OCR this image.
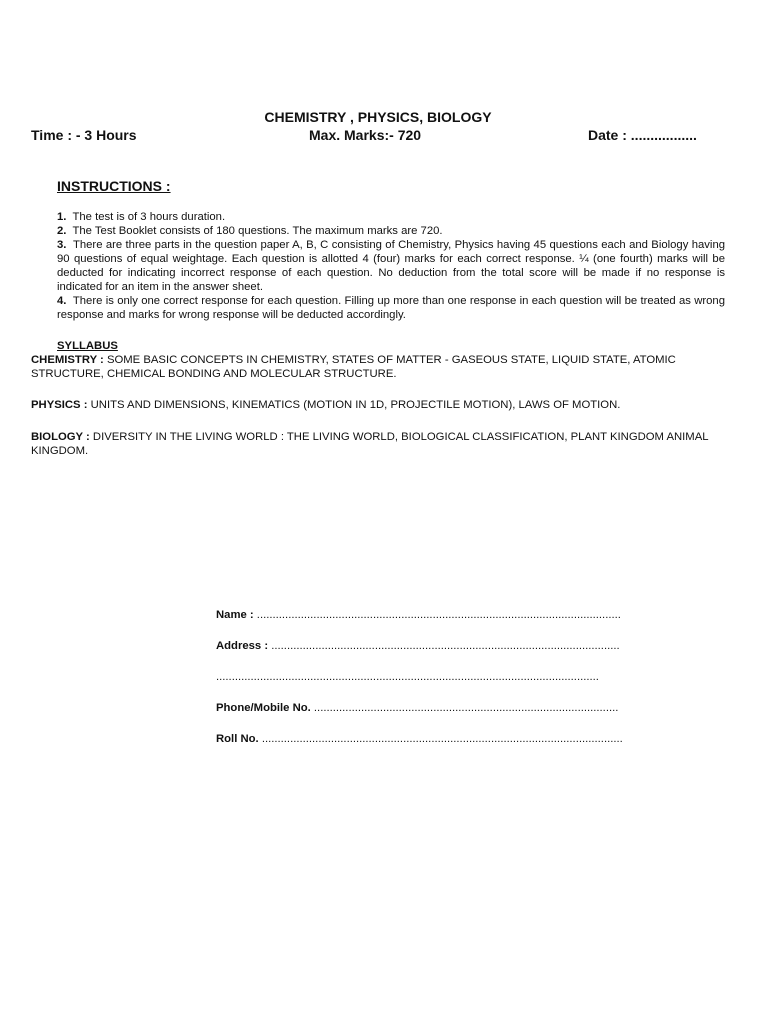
CHEMISTRY , PHYSICS, BIOLOGY
Time : - 3 Hours	Max. Marks:- 720	Date : .................
INSTRUCTIONS :

1. The test is of 3 hours duration.

2. The Test Booklet consists of 180 questions. The maximum marks are 720.

3. There are three parts in the question paper A, B, C consisting of Chemistry, Physics having 45 questions each and Biology having 90 questions of equal weightage. Each question is allotted 4 (four) marks for each correct response. ¼ (one fourth) marks will be deducted for indicating incorrect response of each question. No deduction from the total score will be made if no response is indicated for an item in the answer sheet.

4. There is only one correct response for each question. Filling up more than one response in each question will be treated as wrong response and marks for wrong response will be deducted accordingly.

SYLLABUS
CHEMISTRY : SOME BASIC CONCEPTS IN CHEMISTRY, STATES OF MATTER - GASEOUS STATE, LIQUID STATE, ATOMIC STRUCTURE, CHEMICAL BONDING AND MOLECULAR STRUCTURE.
PHYSICS : UNITS AND DIMENSIONS, KINEMATICS (MOTION IN 1D, PROJECTILE MOTION), LAWS OF MOTION.
BIOLOGY : DIVERSITY IN THE LIVING WORLD : THE LIVING WORLD, BIOLOGICAL CLASSIFICATION, PLANT KINGDOM ANIMAL KINGDOM.
Name : ....................................................................................................................
Address : ...............................................................................................................
..........................................................................................................................
Phone/Mobile No. .................................................................................................
Roll No. ...................................................................................................................
